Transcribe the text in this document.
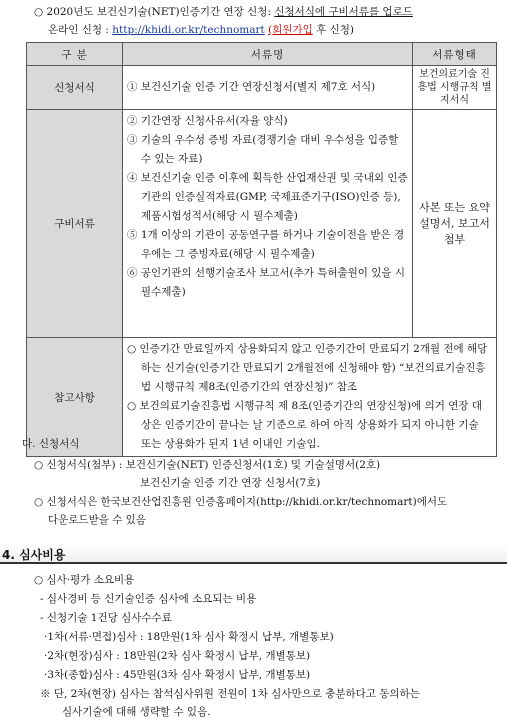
○ 2020년도 보건신기술(NET)인증기간 연장 신청: 신청서식에 구비서류를 업로드
온라인 신청 : http://khidi.or.kr/technomart (회원가입 후 신청)
구 분	서류명	서류형태
신청서식	① 보건신기술 인증 기간 연장신청서(별지 제7호 서식)	보건의료기술 진흥법 시행규칙 별지서식
구비서류	② 기간연장 신청사유서(자율 양식)
③ 기술의 우수성 증빙 자료(경쟁기술 대비 우수성을 입증할 수 있는 자료)
④ 보건신기술 인증 이후에 획득한 산업재산권 및 국내외 인증기관의 인증실적자료(GMP, 국제표준기구(ISO)인증 등), 제품시험성적서(해당 시 필수제출)
⑤ 1개 이상의 기관이 공동연구를 하거나 기술이전을 받은 경우에는 그 증빙자료(해당 시 필수제출)
⑥ 공인기관의 선행기술조사 보고서(추가 특허출원이 있을 시 필수제출)	사본 또는 요약설명서, 보고서 첨부
참고사항	○ 인증기간 만료일까지 상용화되지 않고 인증기간이 만료되기 2개월 전에 해당하는 신기술(인증기간 만료되기 2개월전에 신청해야 함) “보건의료기술진흥법 시행규칙 제8조(인증기간의 연장신청)” 참조
○ 보건의료기술진흥법 시행규칙 제 8조(인증기간의 연장신청)에 의거 연장 대상은 인증기간이 끝나는 날 기준으로 하여 아직 상용화가 되지 아니한 기술 또는 상용화가 된지 1년 이내인 기술임.	
다. 신청서식
○ 신청서식(첨부) : 보건신기술(NET) 인증신청서(1호) 및 기술설명서(2호)
보건신기술 인증 기간 연장 신청서(7호)
○ 신청서식은 한국보건산업진흥원 인증홈페이지(http://khidi.or.kr/technomart)에서도
다운로드받을 수 있음
4. 심사비용
○ 심사·평가 소요비용
- 심사경비 등 신기술인증 심사에 소요되는 비용
- 신청기술 1건당 심사수수료
·1차(서류·면접)심사 : 18만원(1차 심사 확정시 납부, 개별통보)
·2차(현장)심사 : 18만원(2차 심사 확정시 납부, 개별통보)
·3차(종합)심사 : 45만원(3차 심사 확정시 납부, 개별통보)
※ 단, 2차(현장) 심사는 참석심사위원 전원이 1차 심사만으로 충분하다고 동의하는
심사기술에 대해 생략할 수 있음.
